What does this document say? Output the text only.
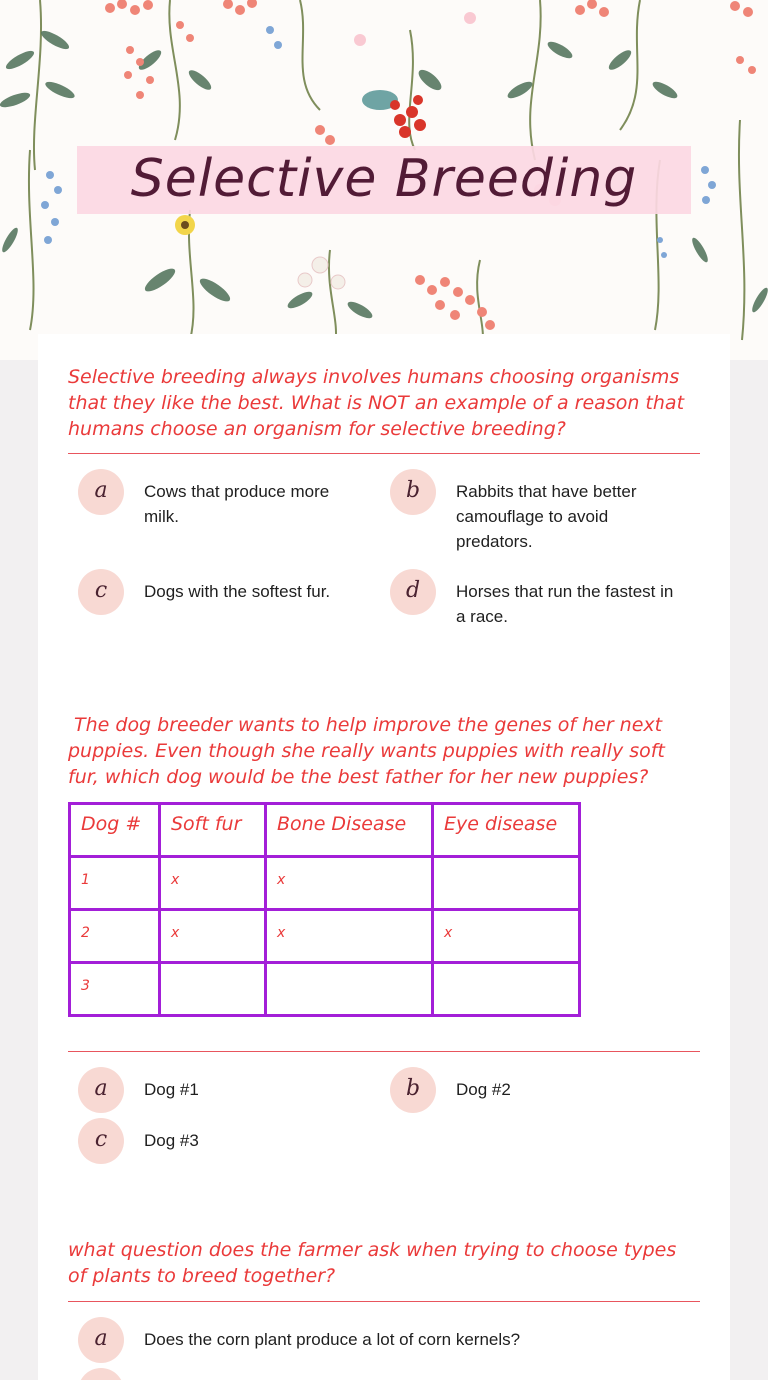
Selective Breeding
Selective breeding always involves humans choosing organisms that they like the best. What is NOT an example of a reason that humans choose an organism for selective breeding?
a	Cows that produce more milk.
b	Rabbits that have better camouflage to avoid predators.
c	Dogs with the softest fur.	d	Horses that run the fastest in a race.
The dog breeder wants to help improve the genes of her next puppies. Even though she really wants puppies with really soft fur, which dog would be the best father for her new puppies?
Dog #	Soft fur	Bone Disease	Eye disease
1	x	x	
2	x	x	x
3			
a	Dog #1	b	Dog #2
c	Dog #3
what question does the farmer ask when trying to choose types of plants to breed together?
a	Does the corn plant produce a lot of corn kernels?
